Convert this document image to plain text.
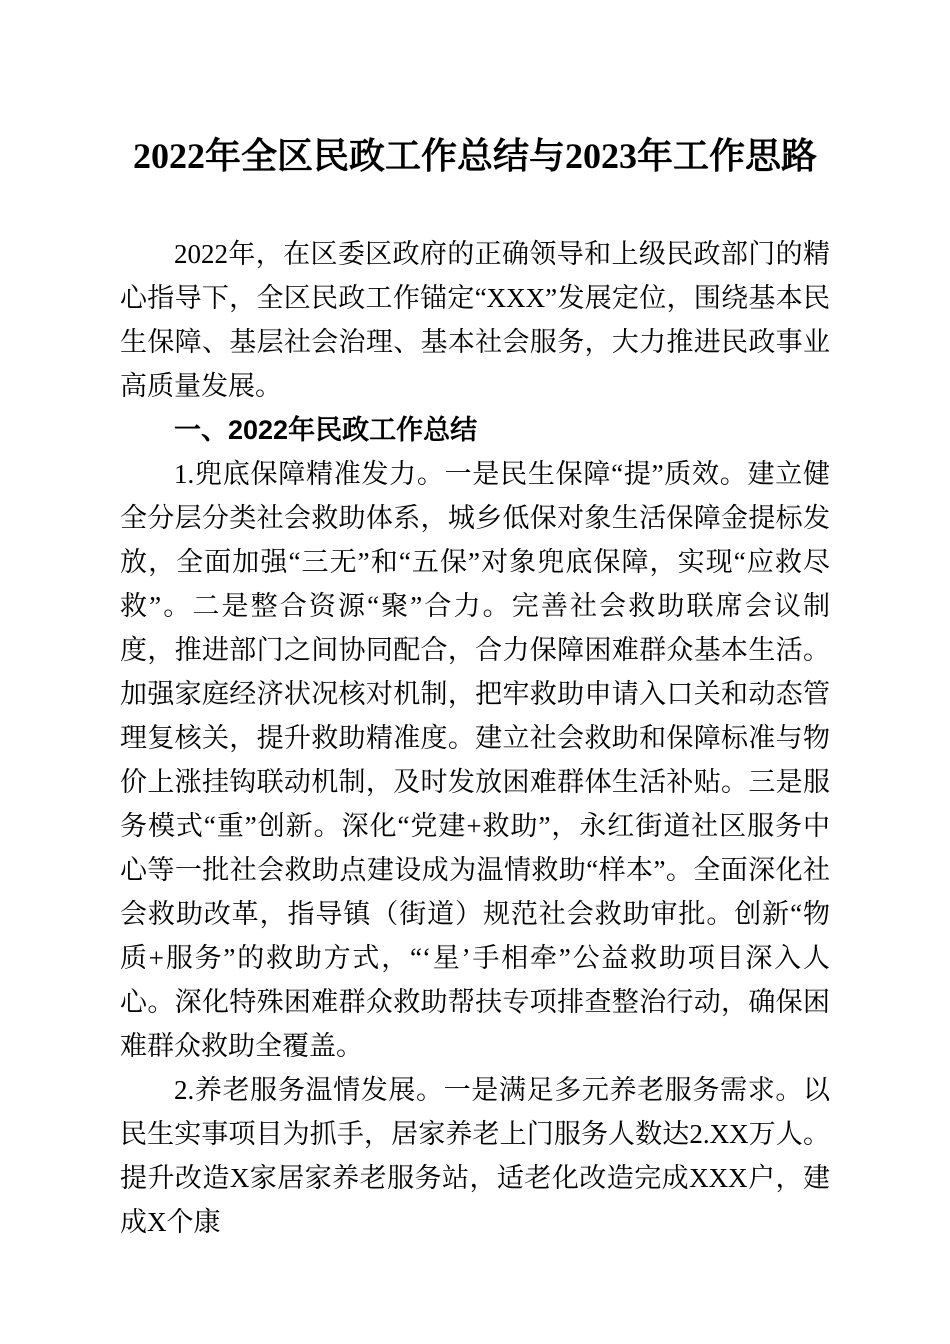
2022年全区民政工作总结与2023年工作思路

2022年，在区委区政府的正确领导和上级民政部门的精心指导下，全区民政工作锚定“XXX”发展定位，围绕基本民生保障、基层社会治理、基本社会服务，大力推进民政事业高质量发展。

一、2022年民政工作总结

1.兜底保障精准发力。一是民生保障“提”质效。建立健全分层分类社会救助体系，城乡低保对象生活保障金提标发放，全面加强“三无”和“五保”对象兜底保障，实现“应救尽救”。二是整合资源“聚”合力。完善社会救助联席会议制度，推进部门之间协同配合，合力保障困难群众基本生活。加强家庭经济状况核对机制，把牢救助申请入口关和动态管理复核关，提升救助精准度。建立社会救助和保障标准与物价上涨挂钩联动机制，及时发放困难群体生活补贴。三是服务模式“重”创新。深化“党建+救助”，永红街道社区服务中心等一批社会救助点建设成为温情救助“样本”。全面深化社会救助改革，指导镇（街道）规范社会救助审批。创新“物质+服务”的救助方式，“‘星’手相牵”公益救助项目深入人心。深化特殊困难群众救助帮扶专项排查整治行动，确保困难群众救助全覆盖。

2.养老服务温情发展。一是满足多元养老服务需求。以民生实事项目为抓手，居家养老上门服务人数达2.XX万人。提升改造X家居家养老服务站，适老化改造完成XXX户，建成X个康
